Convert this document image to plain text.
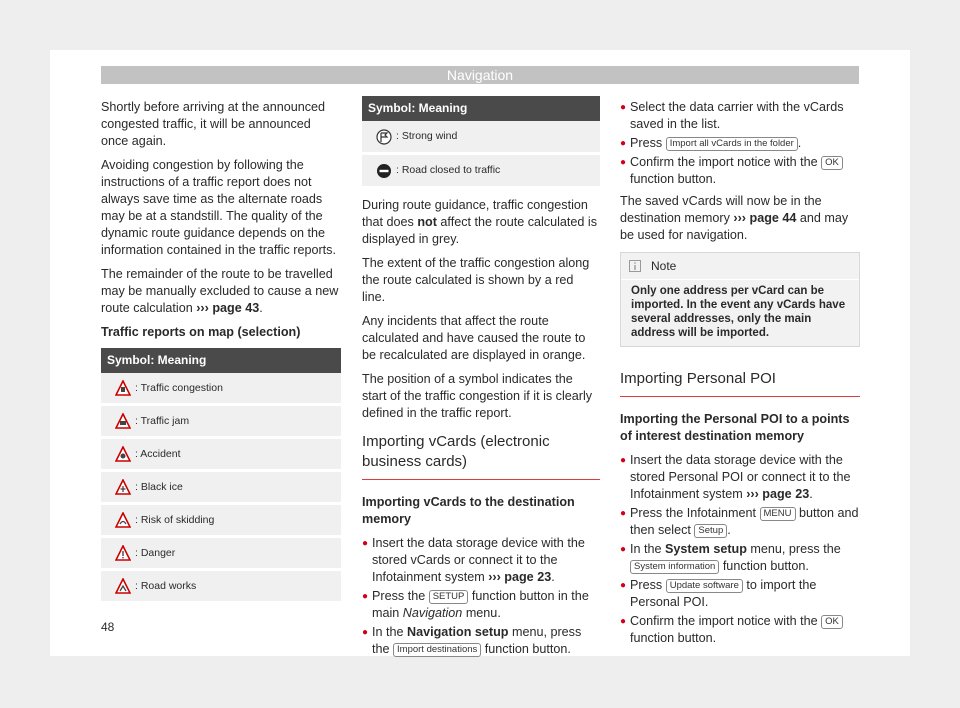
Navigation

Shortly before arriving at the announced congested traffic, it will be announced once again.

Avoiding congestion by following the instructions of a traffic report does not always save time as the alternate roads may be at a standstill. The quality of the dynamic route guidance depends on the information contained in the traffic reports.

The remainder of the route to be travelled may be manually excluded to cause a new route calculation ››› page 43.

Traffic reports on map (selection)

Symbol: Meaning
: Traffic congestion
: Traffic jam
: Accident
: Black ice
: Risk of skidding
: Danger
: Road works
Symbol: Meaning
: Strong wind
: Road closed to traffic

During route guidance, traffic congestion that does not affect the route calculated is displayed in grey.

The extent of the traffic congestion along the route calculated is shown by a red line.

Any incidents that affect the route calculated and have caused the route to be recalculated are displayed in orange.

The position of a symbol indicates the start of the traffic congestion if it is clearly defined in the traffic report.

Importing vCards (electronic business cards)

Importing vCards to the destination memory

● Insert the data storage device with the stored vCards or connect it to the Infotainment system ››› page 23.
● Press the SETUP function button in the main Navigation menu.
● In the Navigation setup menu, press the Import destinations function button.
● Select the data carrier with the vCards saved in the list.
● Press Import all vCards in the folder .
● Confirm the import notice with the OK function button.

The saved vCards will now be in the destination memory ››› page 44 and may be used for navigation.

Note
Only one address per vCard can be imported. In the event any vCards have several addresses, only the main address will be imported.
Importing Personal POI

Importing the Personal POI to a points of interest destination memory

● Insert the data storage device with the stored Personal POI or connect it to the Infotainment system ››› page 23.
● Press the Infotainment MENU button and then select Setup .
● In the System setup menu, press the System information function button.
● Press Update software to import the Personal POI.
● Confirm the import notice with the OK function button.
48
